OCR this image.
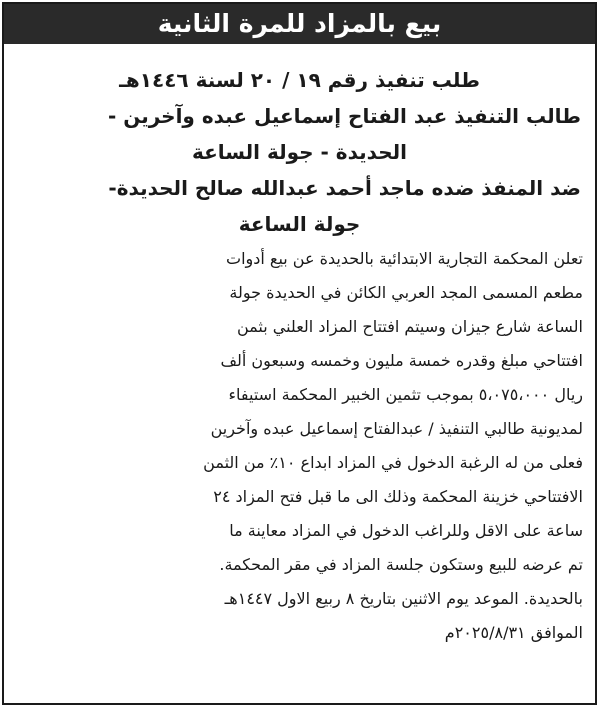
بيع بالمزاد للمرة الثانية
طلب تنفيذ رقم ١٩ / ٢٠ لسنة ١٤٤٦هـ
طالب التنفيذ عبد الفتاح إسماعيل عبده وآخرين -
الحديدة - جولة الساعة
ضد المنفذ ضده ماجد أحمد عبدالله صالح الحديدة-
جولة الساعة
تعلن المحكمة التجارية الابتدائية بالحديدة عن بيع أدوات
مطعم المسمى المجد العربي الكائن في الحديدة جولة
الساعة شارع جيزان وسيتم افتتاح المزاد العلني بثمن
افتتاحي مبلغ وقدره خمسة مليون وخمسه وسبعون ألف
ريال ٥،٠٧٥،٠٠٠ بموجب تثمين الخبير المحكمة استيفاء
لمديونية طالبي التنفيذ / عبدالفتاح إسماعيل عبده وآخرين
فعلى من له الرغبة الدخول في المزاد ابداع ١٠٪ من الثمن
الافتتاحي خزينة المحكمة وذلك الى ما قبل فتح المزاد ٢٤
ساعة على الاقل وللراغب الدخول في المزاد معاينة ما
تم عرضه للبيع وستكون جلسة المزاد في مقر المحكمة.
بالحديدة. الموعد يوم الاثنين بتاريخ ٨ ربيع الاول ١٤٤٧هـ
الموافق ٢٠٢٥/٨/٣١م
